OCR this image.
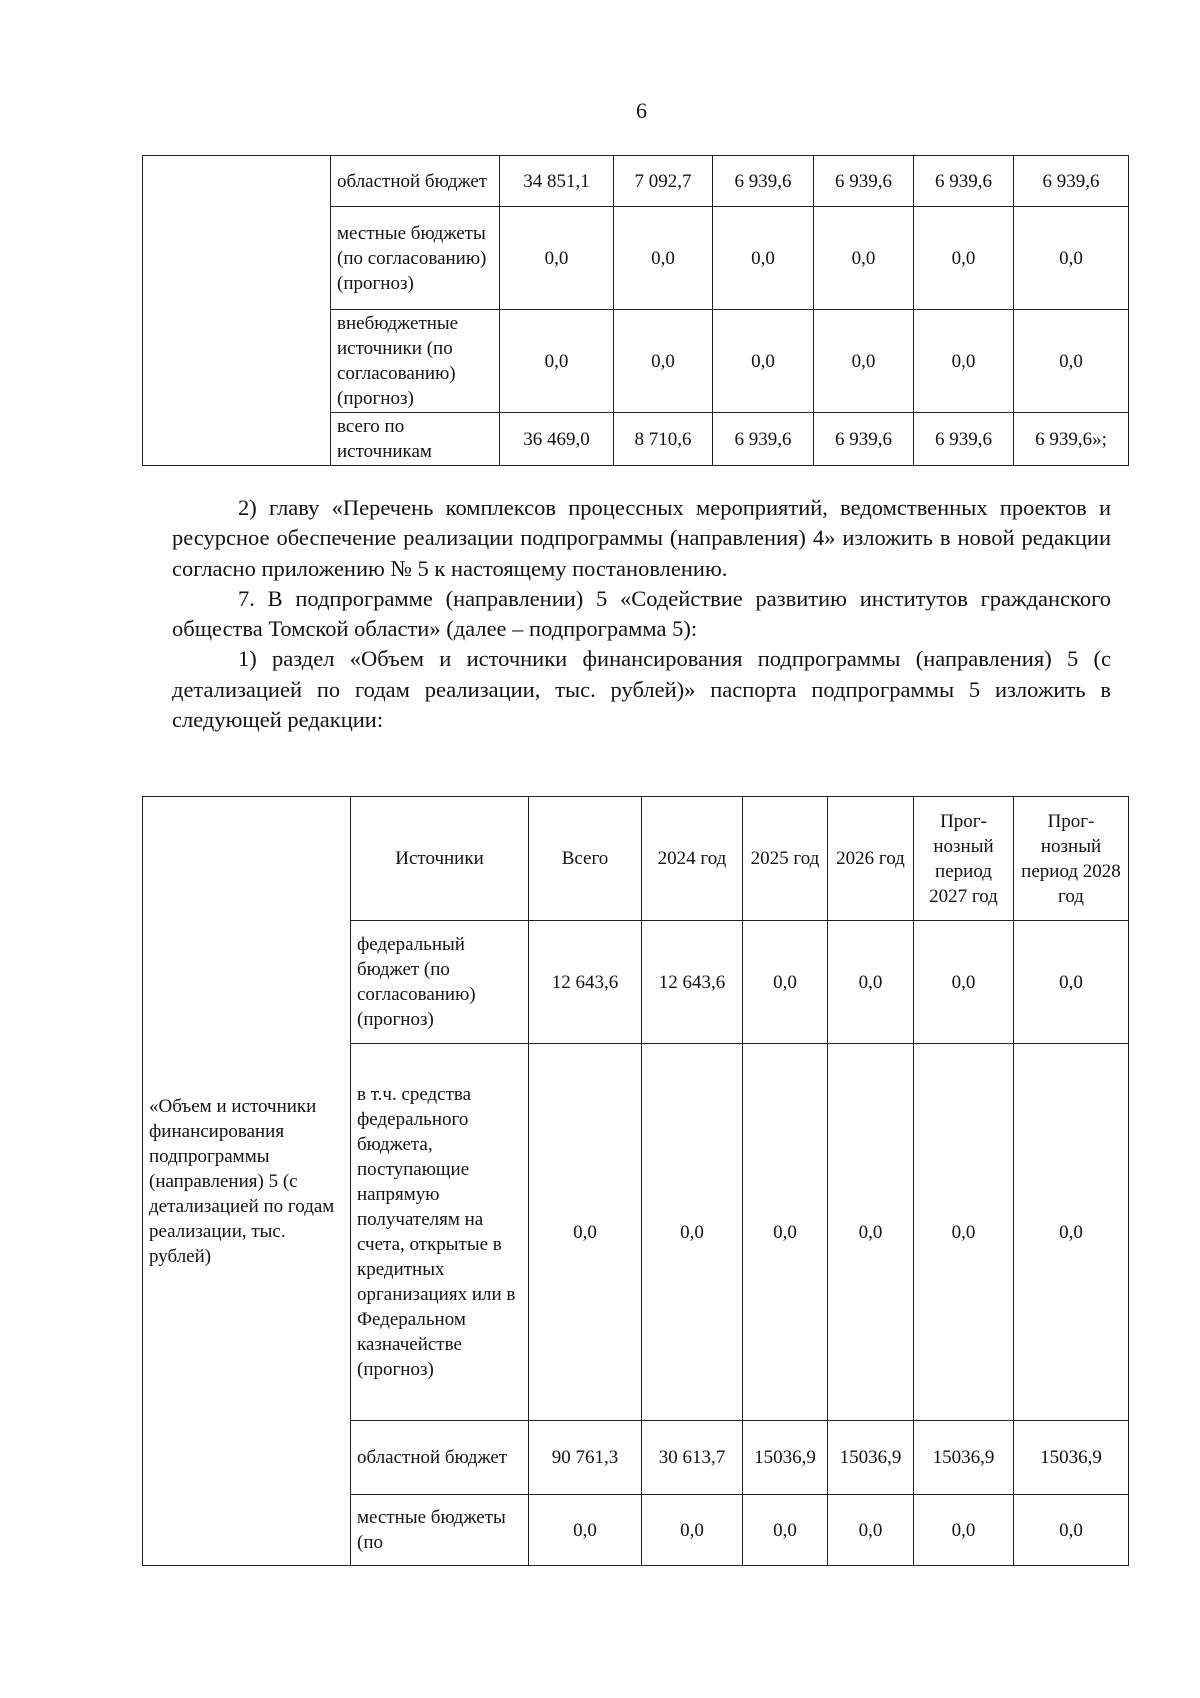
6
	областной бюджет	34 851,1	7 092,7	6 939,6	6 939,6	6 939,6	6 939,6
	местные бюджеты (по согласованию) (прогноз)	0,0	0,0	0,0	0,0	0,0	0,0
	внебюджетные источники (по согласованию) (прогноз)	0,0	0,0	0,0	0,0	0,0	0,0
	всего по источникам	36 469,0	8 710,6	6 939,6	6 939,6	6 939,6	6 939,6»;

2) главу «Перечень комплексов процессных мероприятий, ведомственных проектов и ресурсное обеспечение реализации подпрограммы (направления) 4» изложить в новой редакции согласно приложению № 5 к настоящему постановлению.

7. В подпрограмме (направлении) 5 «Содействие развитию институтов гражданского общества Томской области» (далее – подпрограмма 5):

1) раздел «Объем и источники финансирования подпрограммы (направления) 5 (с детализацией по годам реализации, тыс. рублей)» паспорта подпрограммы 5 изложить в следующей редакции:

«Объем и источники финансирования подпрограммы (направления) 5 (с детализацией по годам реализации, тыс. рублей)	Источники	Всего	2024 год	2025 год	2026 год	Прог-нозный период 2027 год	Прог-нозный период 2028 год
	федеральный бюджет (по согласованию) (прогноз)	12 643,6	12 643,6	0,0	0,0	0,0	0,0
	в т.ч. средства федерального бюджета, поступающие напрямую получателям на счета, открытые в кредитных организациях или в Федеральном казначействе (прогноз)	0,0	0,0	0,0	0,0	0,0	0,0
	областной бюджет	90 761,3	30 613,7	15036,9	15036,9	15036,9	15036,9
	местные бюджеты (по	0,0	0,0	0,0	0,0	0,0	0,0
